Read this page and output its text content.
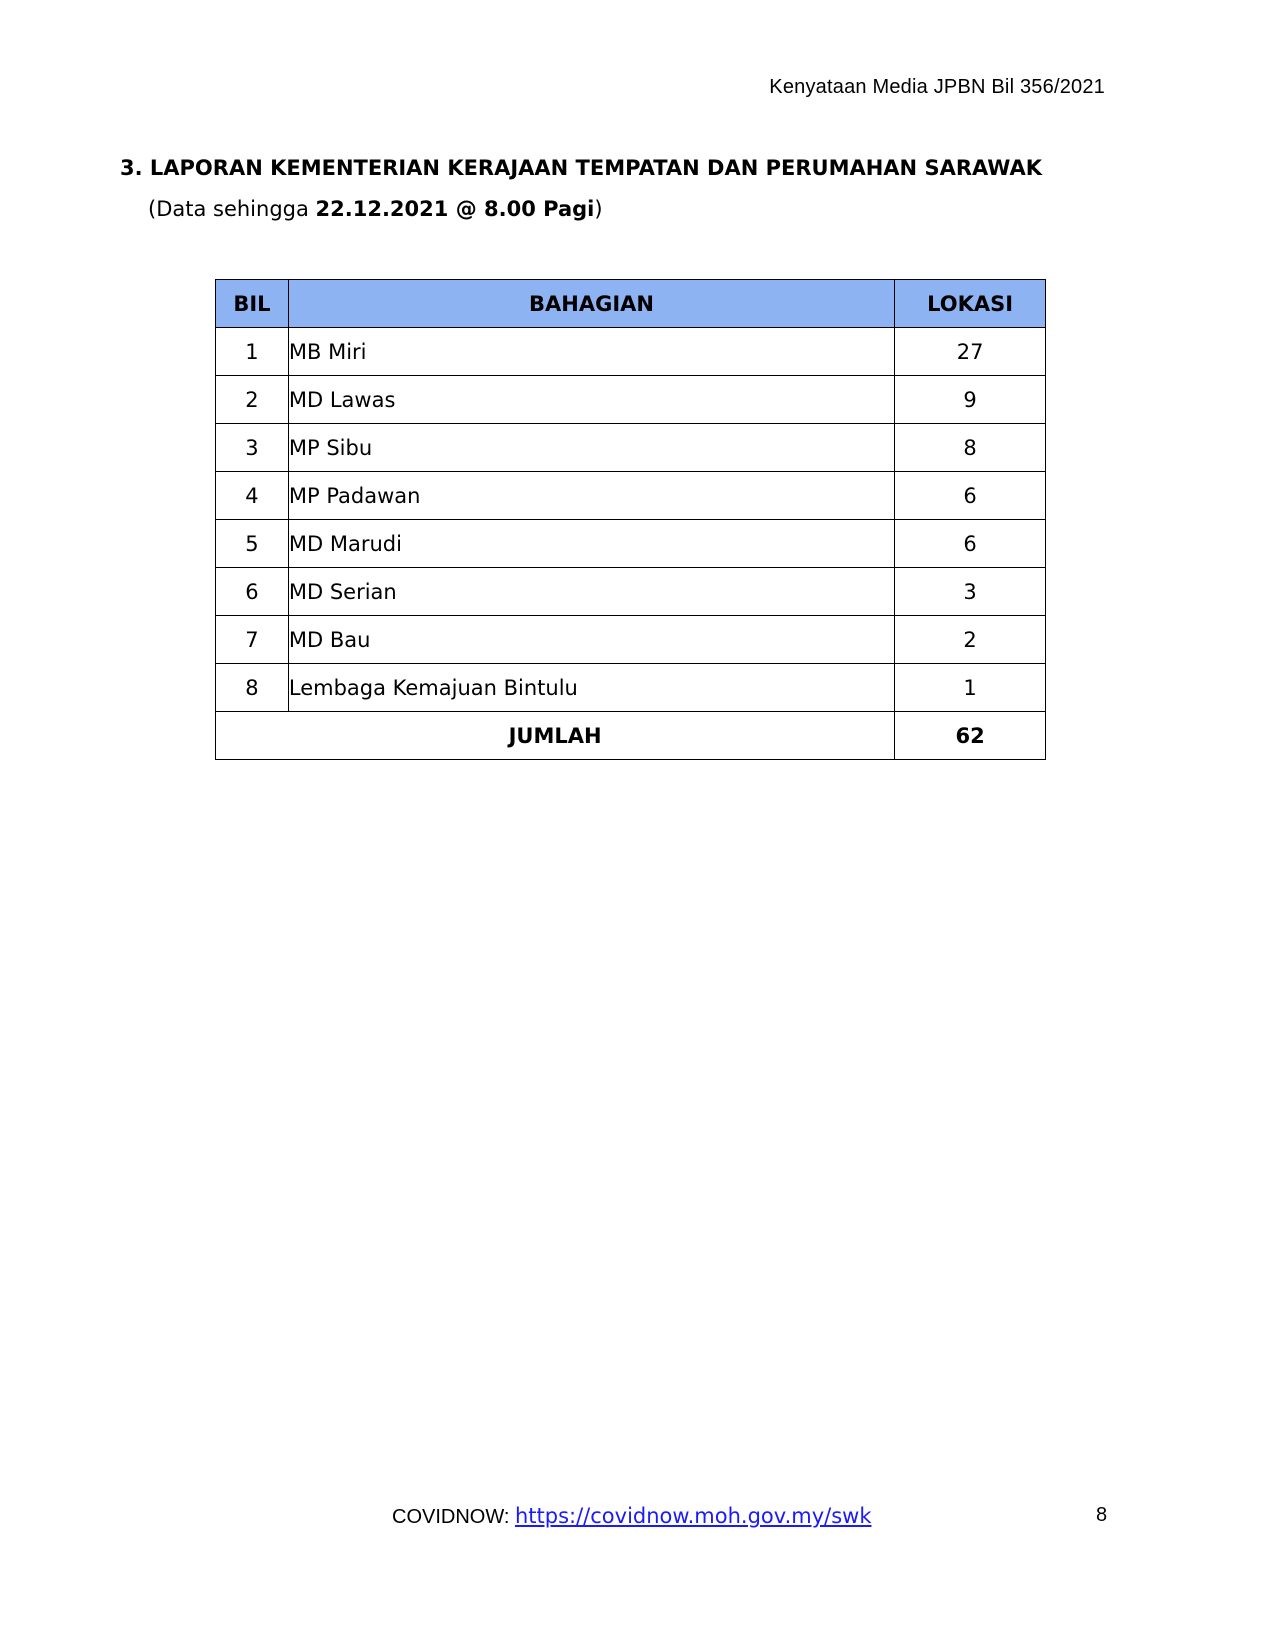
Kenyataan Media JPBN Bil 356/2021
3. LAPORAN KEMENTERIAN KERAJAAN TEMPATAN DAN PERUMAHAN SARAWAK
(Data sehingga 22.12.2021 @ 8.00 Pagi)
BIL	BAHAGIAN	LOKASI
1	MB Miri	27
2	MD Lawas	9
3	MP Sibu	8
4	MP Padawan	6
5	MD Marudi	6
6	MD Serian	3
7	MD Bau	2
8	Lembaga Kemajuan Bintulu	1
JUMLAH		62
COVIDNOW: https://covidnow.moh.gov.my/swk	8
